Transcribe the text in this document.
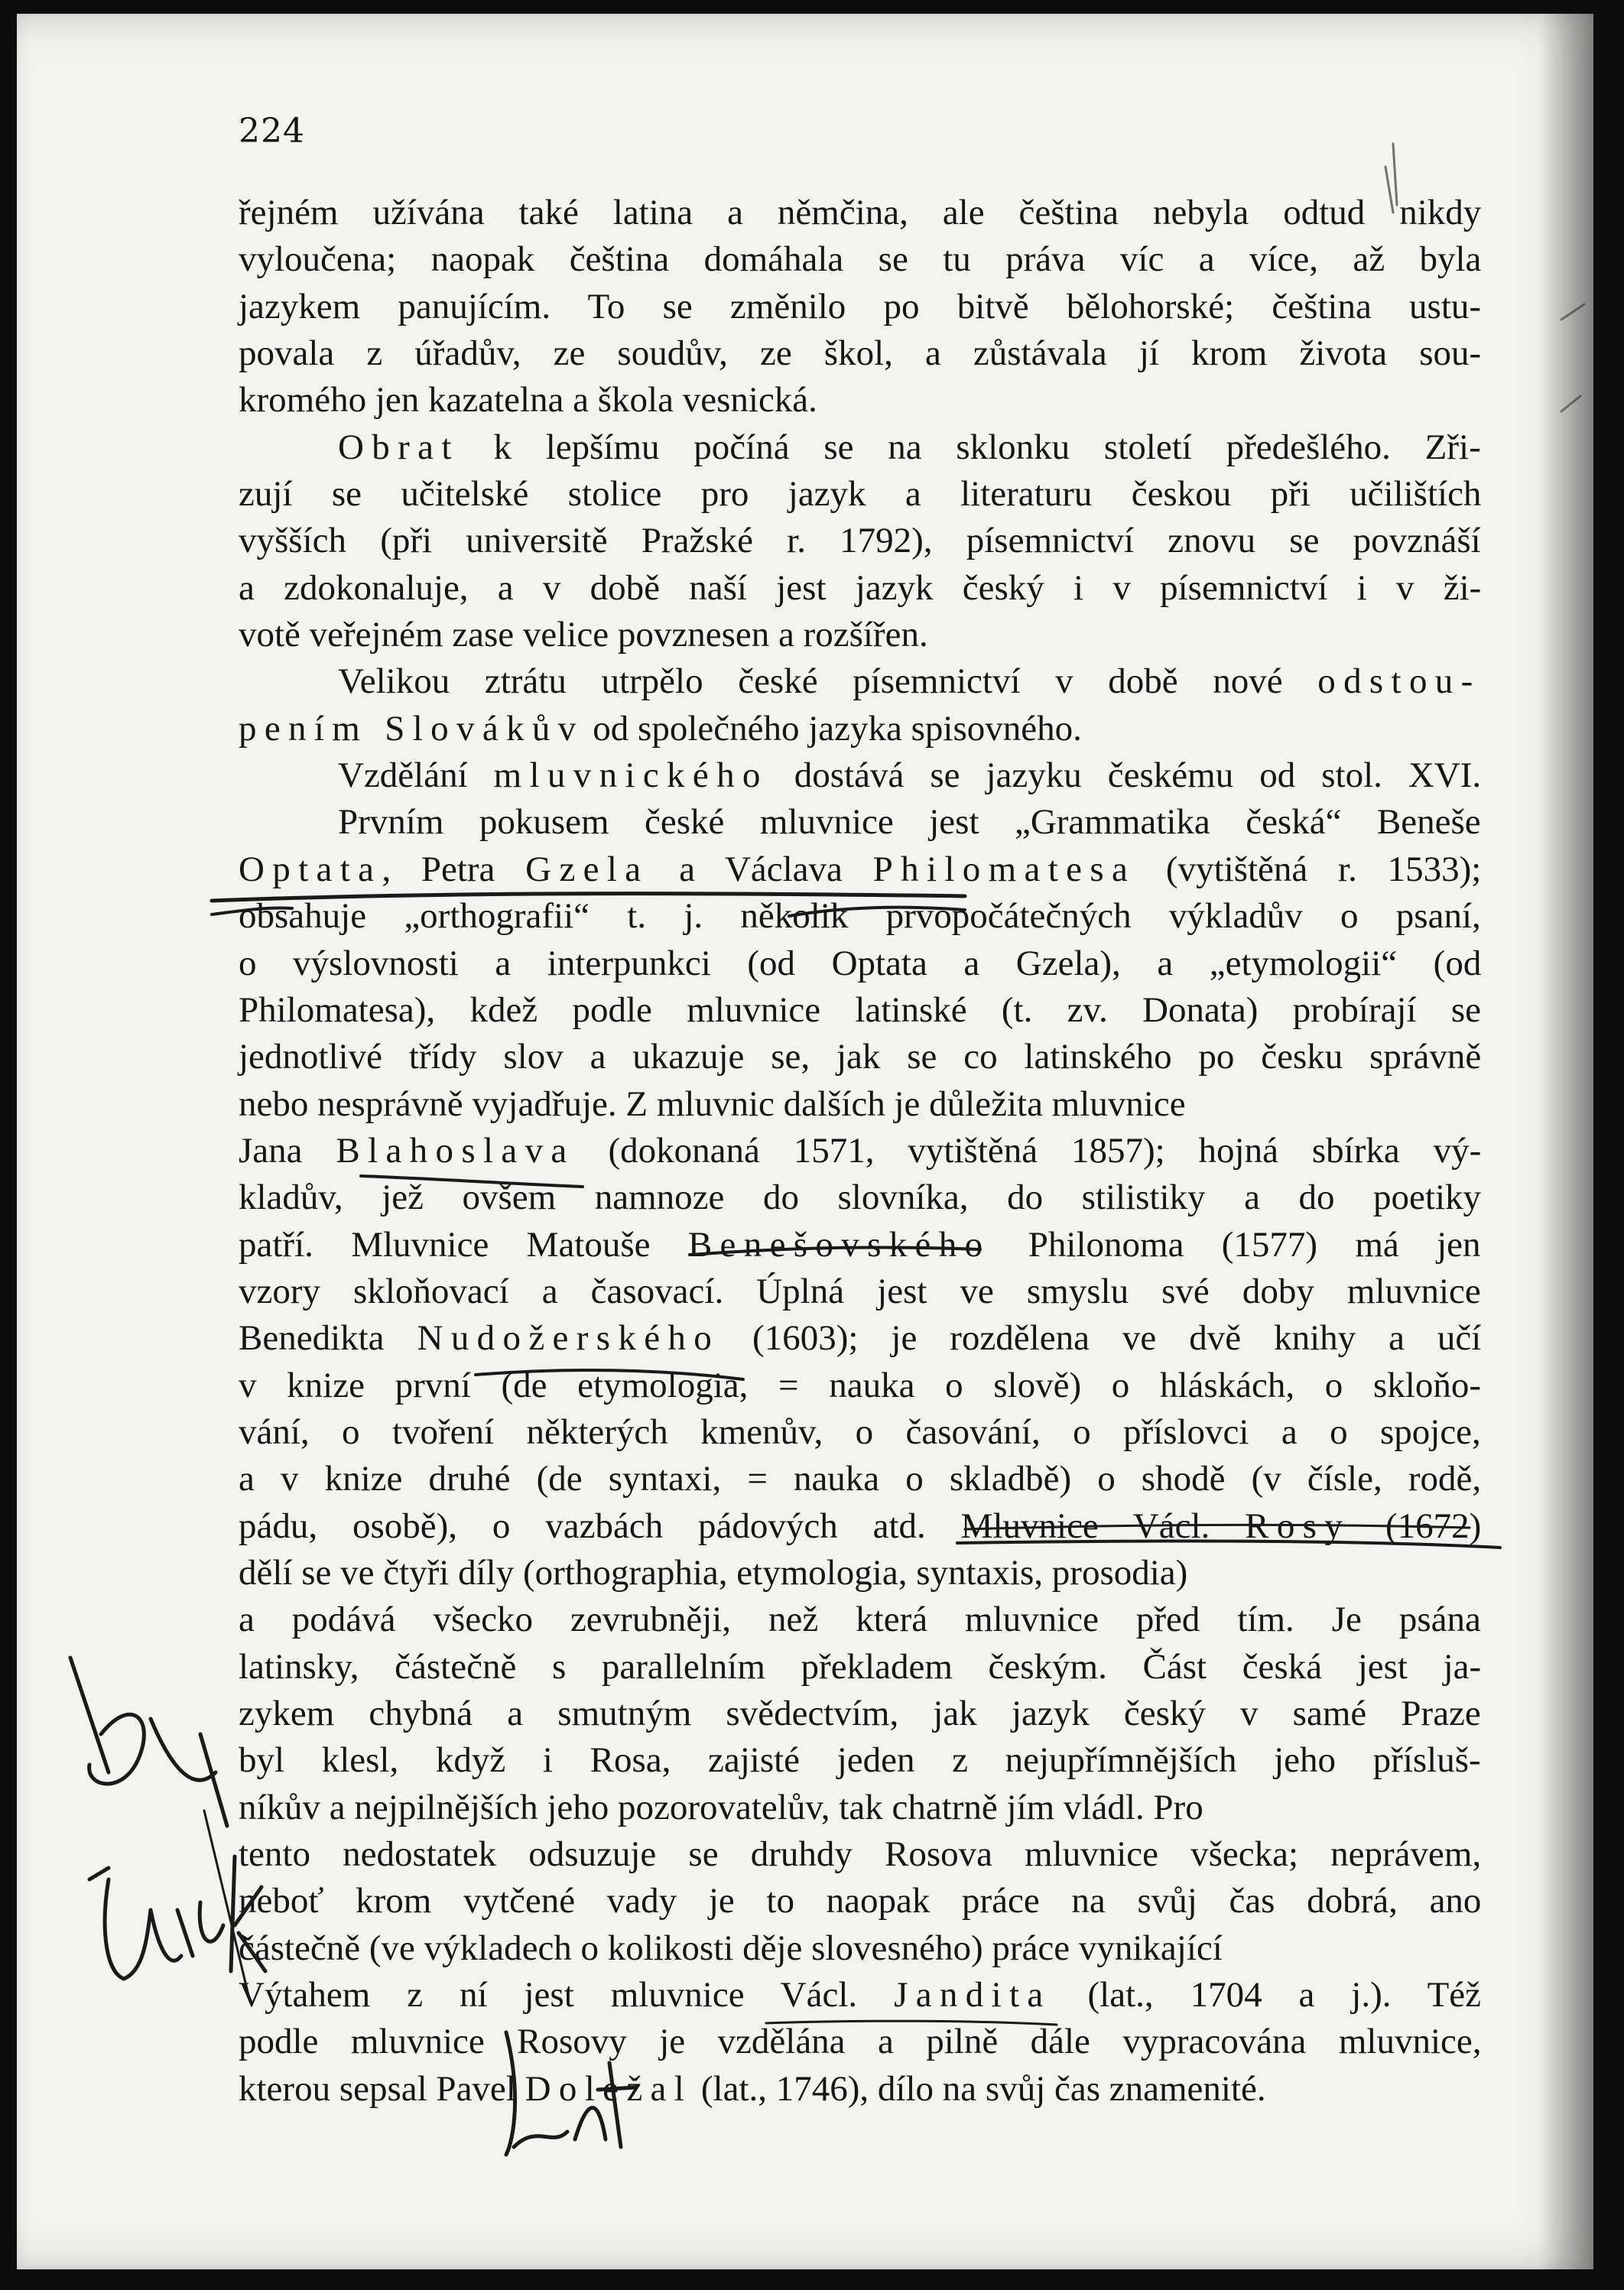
224
řejném užívána také latina a němčina, ale čeština nebyla odtud nikdy
vyloučena; naopak čeština domáhala se tu práva víc a více, až byla
jazykem panujícím. To se změnilo po bitvě bělohorské; čeština ustu-
povala z úřadův, ze soudův, ze škol, a zůstávala jí krom života sou-
kromého jen kazatelna a škola vesnická.
Obrat k lepšímu počíná se na sklonku století předešlého. Zři-
zují se učitelské stolice pro jazyk a literaturu českou při učilištích
vyšších (při universitě Pražské r. 1792), písemnictví znovu se povznáší
a zdokonaluje, a v době naší jest jazyk český i v písemnictví i v ži-
votě veřejném zase velice povznesen a rozšířen.
Velikou ztrátu utrpělo české písemnictví v době nové odstou-
pením Slovákův od společného jazyka spisovného.
Vzdělání mluvnického dostává se jazyku českému od stol. XVI.
Prvním pokusem české mluvnice jest „Grammatika česká“ Beneše
Optata, Petra Gzela a Václava Philomatesa (vytištěná r. 1533);
obsahuje „orthografii“ t. j. několik prvopočátečných výkladův o psaní,
o výslovnosti a interpunkci (od Optata a Gzela), a „etymologii“ (od
Philomatesa), kdež podle mluvnice latinské (t. zv. Donata) probírají se
jednotlivé třídy slov a ukazuje se, jak se co latinského po česku správně
nebo nesprávně vyjadřuje. Z mluvnic dalších je důležita mluvnice
Jana Blahoslava (dokonaná 1571, vytištěná 1857); hojná sbírka vý-
kladův, jež ovšem namnoze do slovníka, do stilistiky a do poetiky
patří. Mluvnice Matouše Benešovského Philonoma (1577) má jen
vzory skloňovací a časovací. Úplná jest ve smyslu své doby mluvnice
Benedikta Nudožerského (1603); je rozdělena ve dvě knihy a učí
v knize první (de etymologia, = nauka o slově) o hláskách, o skloňo-
vání, o tvoření některých kmenův, o časování, o příslovci a o spojce,
a v knize druhé (de syntaxi, = nauka o skladbě) o shodě (v čísle, rodě,
pádu, osobě), o vazbách pádových atd. Mluvnice Václ. Rosy (1672)
dělí se ve čtyři díly (orthographia, etymologia, syntaxis, prosodia)
a podává všecko zevrubněji, než která mluvnice před tím. Je psána
latinsky, částečně s parallelním překladem českým. Část česká jest ja-
zykem chybná a smutným svědectvím, jak jazyk český v samé Praze
byl klesl, když i Rosa, zajisté jeden z nejupřímnějších jeho přísluš-
níkův a nejpilnějších jeho pozorovatelův, tak chatrně jím vládl. Pro
tento nedostatek odsuzuje se druhdy Rosova mluvnice všecka; neprávem,
neboť krom vytčené vady je to naopak práce na svůj čas dobrá, ano
částečně (ve výkladech o kolikosti děje slovesného) práce vynikající
Výtahem z ní jest mluvnice Václ. Jandita (lat., 1704 a j.). Též
podle mluvnice Rosovy je vzdělána a pilně dále vypracována mluvnice,
kterou sepsal Pavel Doležal (lat., 1746), dílo na svůj čas znamenité.
